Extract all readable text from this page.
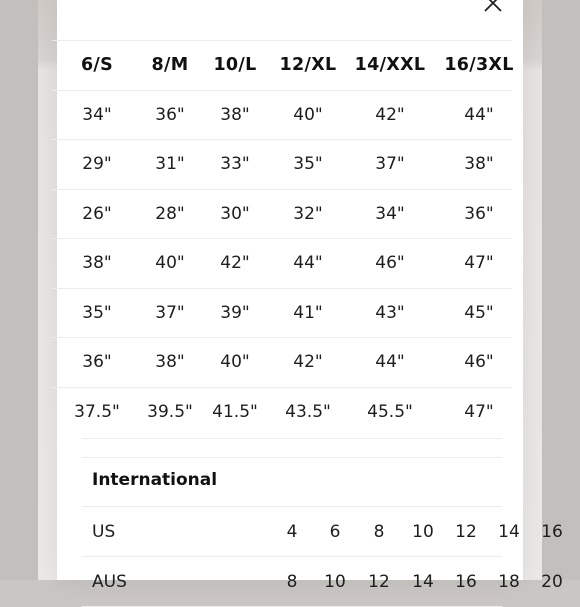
6/S 8/M 10/L 12/XL 14/XXL 16/3XL
34"	36" 38"	40"	42"	44"
29"	31" 33"	35"	37"	38"
26"	28" 30"	32"	34"	36"
38"	40" 42"	44"	46"	47"
35"	37" 39"	41"	43"	45"
36"	38" 40"	42"	44"	46"
37.5" 39.5" 41.5" 43.5" 45.5"	47"
International
US	4 6 8 10 12 14 16
AUS	8 10 12 14 16 18 20
